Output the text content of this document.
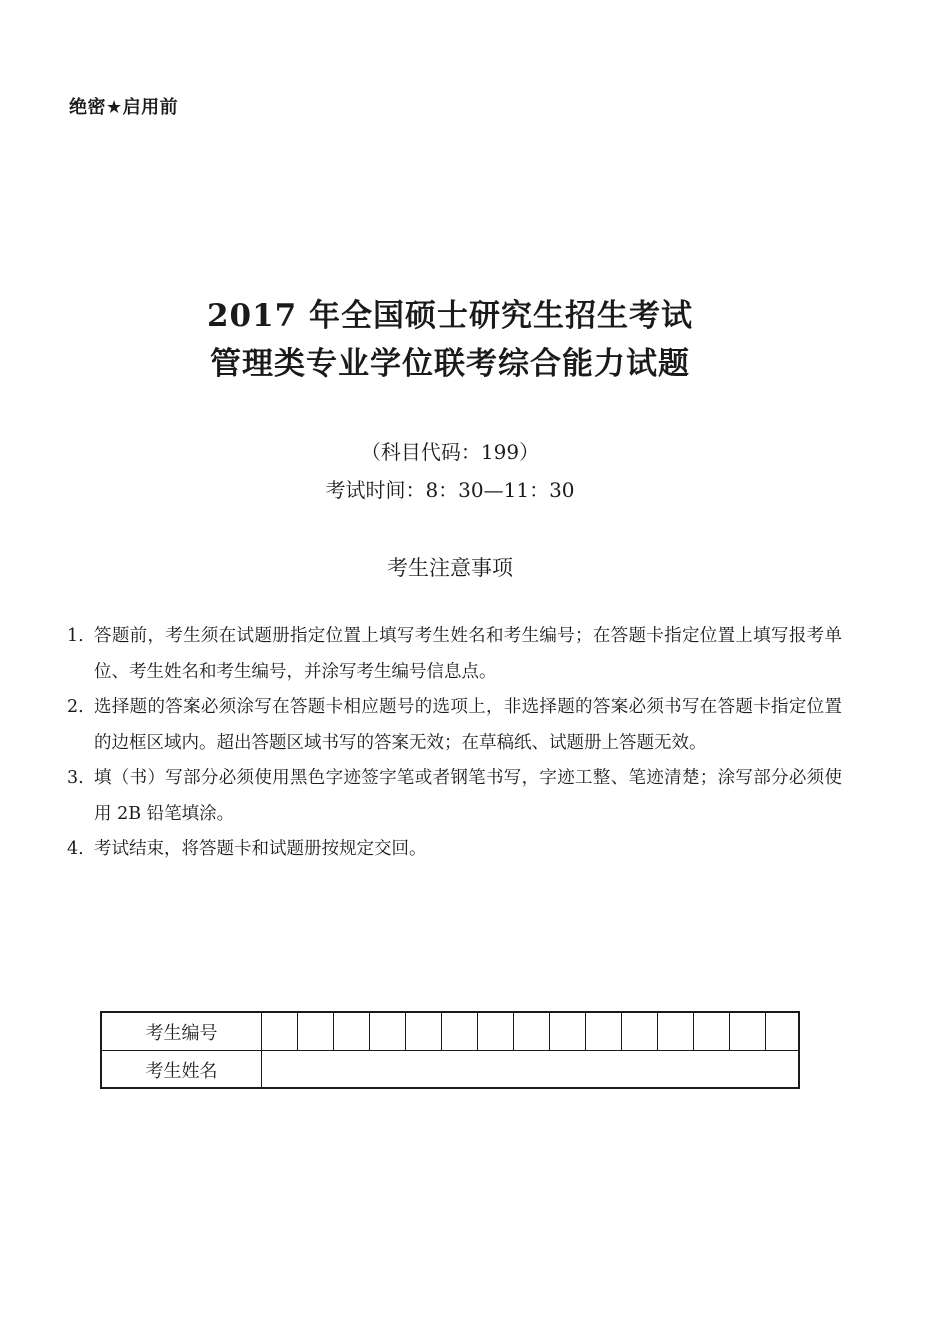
绝密★启用前
2017 年全国硕士研究生招生考试
管理类专业学位联考综合能力试题
（科目代码：199）
考试时间：8：30—11：30
考生注意事项
1. 答题前，考生须在试题册指定位置上填写考生姓名和考生编号；在答题卡指定位置上填写报考单位、考生姓名和考生编号，并涂写考生编号信息点。
2. 选择题的答案必须涂写在答题卡相应题号的选项上，非选择题的答案必须书写在答题卡指定位置的边框区域内。超出答题区域书写的答案无效；在草稿纸、试题册上答题无效。
3. 填（书）写部分必须使用黑色字迹签字笔或者钢笔书写，字迹工整、笔迹清楚；涂写部分必须使用 2B 铅笔填涂。
4. 考试结束，将答题卡和试题册按规定交回。
考生编号
考生姓名
